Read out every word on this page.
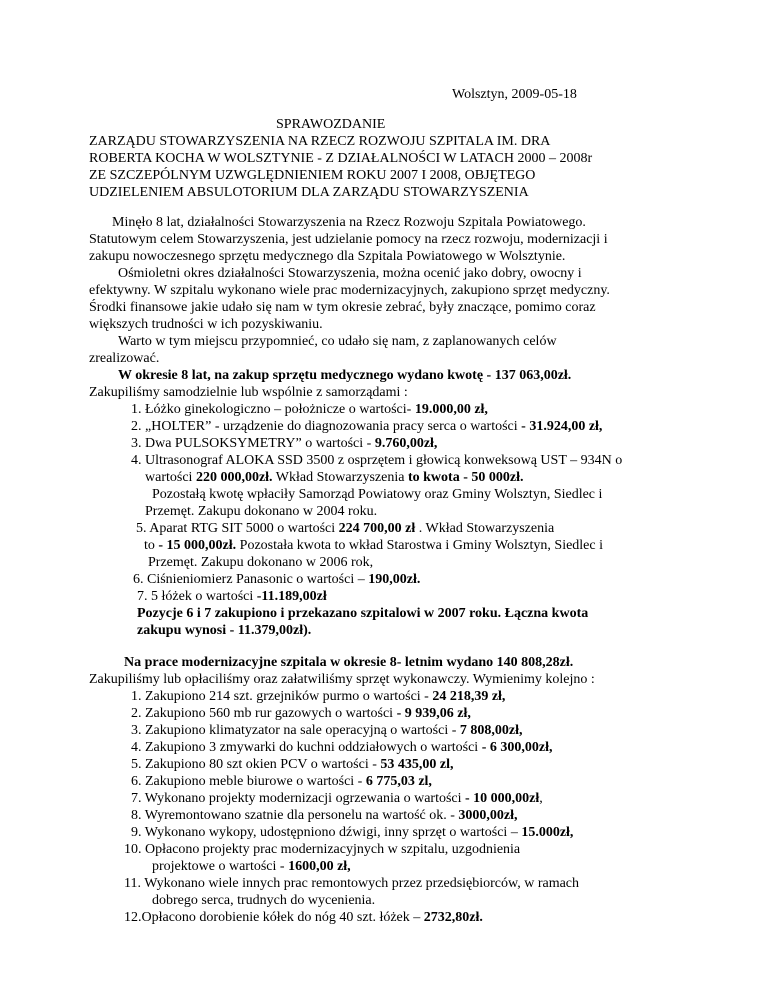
Wolsztyn, 2009-05-18
SPRAWOZDANIE
ZARZĄDU STOWARZYSZENIA NA RZECZ ROZWOJU SZPITALA IM. DRA
ROBERTA KOCHA W WOLSZTYNIE - Z DZIAŁALNOŚCI W LATACH 2000 – 2008r
ZE SZCZEPÓLNYM UZWGLĘDNIENIEM ROKU 2007 I 2008, OBJĘTEGO
UDZIELENIEM ABSULOTORIUM DLA ZARZĄDU STOWARZYSZENIA
Minęło 8 lat, działalności Stowarzyszenia na Rzecz Rozwoju Szpitala Powiatowego.
Statutowym celem Stowarzyszenia, jest udzielanie pomocy na rzecz rozwoju, modernizacji i
zakupu nowoczesnego sprzętu medycznego dla Szpitala Powiatowego w Wolsztynie.
Ośmioletni okres działalności Stowarzyszenia, można ocenić jako dobry, owocny i
efektywny. W szpitalu wykonano wiele prac modernizacyjnych, zakupiono sprzęt medyczny.
Środki finansowe jakie udało się nam w tym okresie zebrać, były znaczące, pomimo coraz
większych trudności w ich pozyskiwaniu.
Warto w tym miejscu przypomnieć, co udało się nam, z zaplanowanych celów
zrealizować.
W okresie 8 lat, na zakup sprzętu medycznego wydano kwotę - 137 063,00zł.
Zakupiliśmy samodzielnie lub wspólnie z samorządami :
1. Łóżko ginekologiczno – położnicze o wartości- 19.000,00 zł,
2. „HOLTER” - urządzenie do diagnozowania pracy serca o wartości - 31.924,00 zł,
3. Dwa PULSOKSYMETRY” o wartości - 9.760,00zł,
4. Ultrasonograf ALOKA SSD 3500 z osprzętem i głowicą konweksową UST – 934N o
wartości 220 000,00zł. Wkład Stowarzyszenia to kwota - 50 000zł.
Pozostałą kwotę wpłaciły Samorząd Powiatowy oraz Gminy Wolsztyn, Siedlec i
Przemęt. Zakupu dokonano w 2004 roku.
5. Aparat RTG SIT 5000 o wartości 224 700,00 zł . Wkład Stowarzyszenia
to - 15 000,00zł. Pozostała kwota to wkład Starostwa i Gminy Wolsztyn, Siedlec i
Przemęt. Zakupu dokonano w 2006 rok,
6. Ciśnieniomierz Panasonic o wartości – 190,00zł.
7. 5 łóżek o wartości -11.189,00zł
Pozycje 6 i 7 zakupiono i przekazano szpitalowi w 2007 roku. Łączna kwota
zakupu wynosi - 11.379,00zł).
Na prace modernizacyjne szpitala w okresie 8- letnim wydano 140 808,28zł.
Zakupiliśmy lub opłaciliśmy oraz załatwiliśmy sprzęt wykonawczy. Wymienimy kolejno :
1. Zakupiono 214 szt. grzejników purmo o wartości - 24 218,39 zł,
2. Zakupiono 560 mb rur gazowych o wartości - 9 939,06 zł,
3. Zakupiono klimatyzator na sale operacyjną o wartości - 7 808,00zł,
4. Zakupiono 3 zmywarki do kuchni oddziałowych o wartości - 6 300,00zł,
5. Zakupiono 80 szt okien PCV o wartości - 53 435,00 zl,
6. Zakupiono meble biurowe o wartości - 6 775,03 zl,
7. Wykonano projekty modernizacji ogrzewania o wartości - 10 000,00zł,
8. Wyremontowano szatnie dla personelu na wartość ok. - 3000,00zł,
9. Wykonano wykopy, udostępniono dźwigi, inny sprzęt o wartości – 15.000zł,
10. Opłacono projekty prac modernizacyjnych w szpitalu, uzgodnienia
projektowe o wartości - 1600,00 zł,
11. Wykonano wiele innych prac remontowych przez przedsiębiorców, w ramach
dobrego serca, trudnych do wycenienia.
12.Opłacono dorobienie kółek do nóg 40 szt. łóżek – 2732,80zł.
